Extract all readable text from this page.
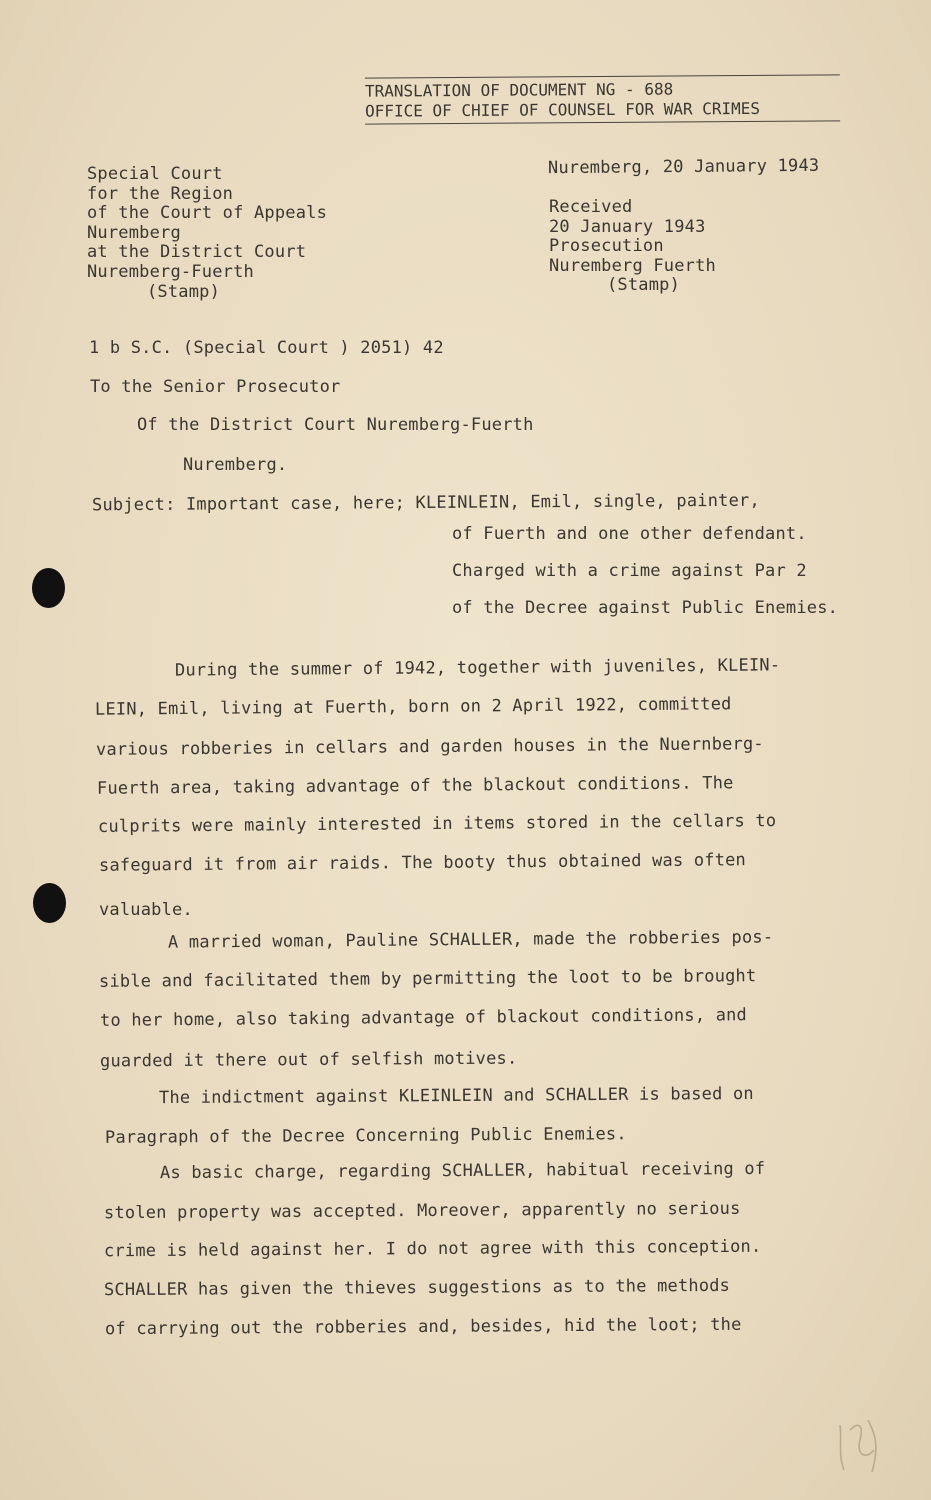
TRANSLATION OF DOCUMENT NG - 688
OFFICE OF CHIEF OF COUNSEL FOR WAR CRIMES
Special Court
for the Region
of the Court of Appeals
Nuremberg
at the District Court
Nuremberg-Fuerth
(Stamp)
Nuremberg, 20 January 1943
Received
20 January 1943
Prosecution
Nuremberg Fuerth
(Stamp)
1 b S.C. (Special Court ) 2051) 42
To the Senior Prosecutor
Of the District Court Nuremberg-Fuerth
Nuremberg.
Subject: Important case, here; KLEINLEIN, Emil, single, painter,
of Fuerth and one other defendant.
Charged with a crime against Par 2
of the Decree against Public Enemies.
During the summer of 1942, together with juveniles, KLEIN-
LEIN, Emil, living at Fuerth, born on 2 April 1922, committed
various robberies in cellars and garden houses in the Nuernberg-
Fuerth area, taking advantage of the blackout conditions. The
culprits were mainly interested in items stored in the cellars to
safeguard it from air raids. The booty thus obtained was often
valuable.
A married woman, Pauline SCHALLER, made the robberies pos-
sible and facilitated them by permitting the loot to be brought
to her home, also taking advantage of blackout conditions, and
guarded it there out of selfish motives.
The indictment against KLEINLEIN and SCHALLER is based on
Paragraph of the Decree Concerning Public Enemies.
As basic charge, regarding SCHALLER, habitual receiving of
stolen property was accepted. Moreover, apparently no serious
crime is held against her. I do not agree with this conception.
SCHALLER has given the thieves suggestions as to the methods
of carrying out the robberies and, besides, hid the loot; the
